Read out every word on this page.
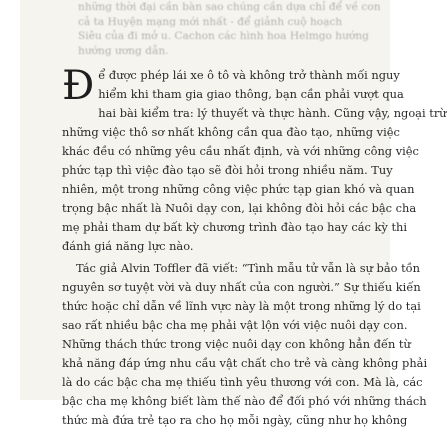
những thời đại cần bàn sao chúng cần dựa chỉ để về con
cả ta Huyện mạng mới nhất - để giảnh cuộ hoạch
Siêu của đi mở u. Cachon các hình hoa Helmgo hướng
hướng ương dẫn.
Đ ể được phép lái xe ô tô và không trở thành mối nguy
hiểm khi tham gia giao thông, bạn cần phải vượt qua
hai bài kiểm tra: lý thuyết và thực hành. Cũng vậy, ngoại trừ
những việc thô sơ nhất không cần qua đào tạo, những việc
khác đều có những yêu cầu nhất định, và với những công việc
phức tạp thì việc đào tạo sẽ đòi hỏi trong nhiều năm. Tuy
nhiên, một trong những công việc phức tạp gian khó và quan
trọng bậc nhất là Nuôi dạy con, lại không đòi hỏi các bậc cha
mẹ phải tham dự bất kỳ chương trình đào tạo hay các kỳ thi
đánh giá năng lực nào.
Tác giả Alvin Toffler đã viết: “Tình mẫu tử vẫn là sự bảo tồn
nguyên sơ tuyệt vời và duy nhất của con người.” Sự thiếu kiến
thức hoặc chỉ dẫn về lĩnh vực này là một trong những lý do tại
sao rất nhiều bậc cha mẹ phải vật lộn với việc nuôi dạy con.
Những thách thức trong việc nuôi dạy con không hẳn đến từ
khả năng đáp ứng nhu cầu vật chất cho trẻ và càng không phải
là do các bậc cha mẹ thiếu tình yêu thương với con. Mà là, các
bậc cha mẹ không biết làm thế nào để đối phó với những thách
thức mà đứa trẻ tạo ra cho họ mỗi ngày, cũng như họ không
